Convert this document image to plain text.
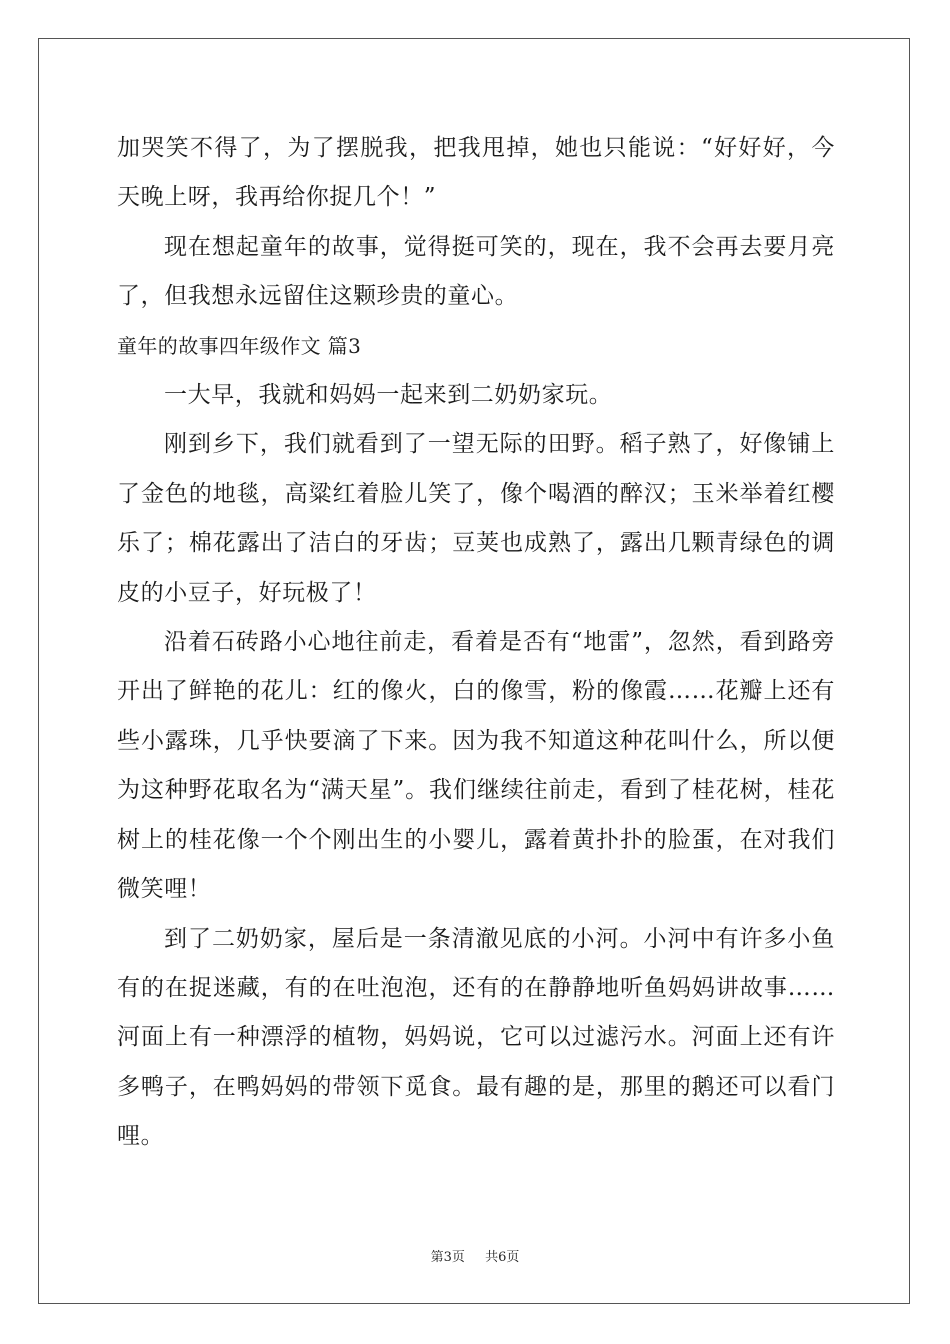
加哭笑不得了，为了摆脱我，把我甩掉，她也只能说：“好好好，今天晚上呀，我再给你捉几个！”

现在想起童年的故事，觉得挺可笑的，现在，我不会再去要月亮了，但我想永远留住这颗珍贵的童心。

童年的故事四年级作文 篇3

一大早，我就和妈妈一起来到二奶奶家玩。

刚到乡下，我们就看到了一望无际的田野。稻子熟了，好像铺上了金色的地毯，高粱红着脸儿笑了，像个喝酒的醉汉；玉米举着红樱乐了；棉花露出了洁白的牙齿；豆荚也成熟了，露出几颗青绿色的调皮的小豆子，好玩极了！

沿着石砖路小心地往前走，看着是否有“地雷”，忽然，看到路旁开出了鲜艳的花儿：红的像火，白的像雪，粉的像霞……花瓣上还有些小露珠，几乎快要滴了下来。因为我不知道这种花叫什么，所以便为这种野花取名为“满天星”。我们继续往前走，看到了桂花树，桂花树上的桂花像一个个刚出生的小婴儿，露着黄扑扑的脸蛋，在对我们微笑哩！

到了二奶奶家，屋后是一条清澈见底的小河。小河中有许多小鱼有的在捉迷藏，有的在吐泡泡，还有的在静静地听鱼妈妈讲故事……河面上有一种漂浮的植物，妈妈说，它可以过滤污水。河面上还有许多鸭子，在鸭妈妈的带领下觅食。最有趣的是，那里的鹅还可以看门哩。

第3页 共6页
